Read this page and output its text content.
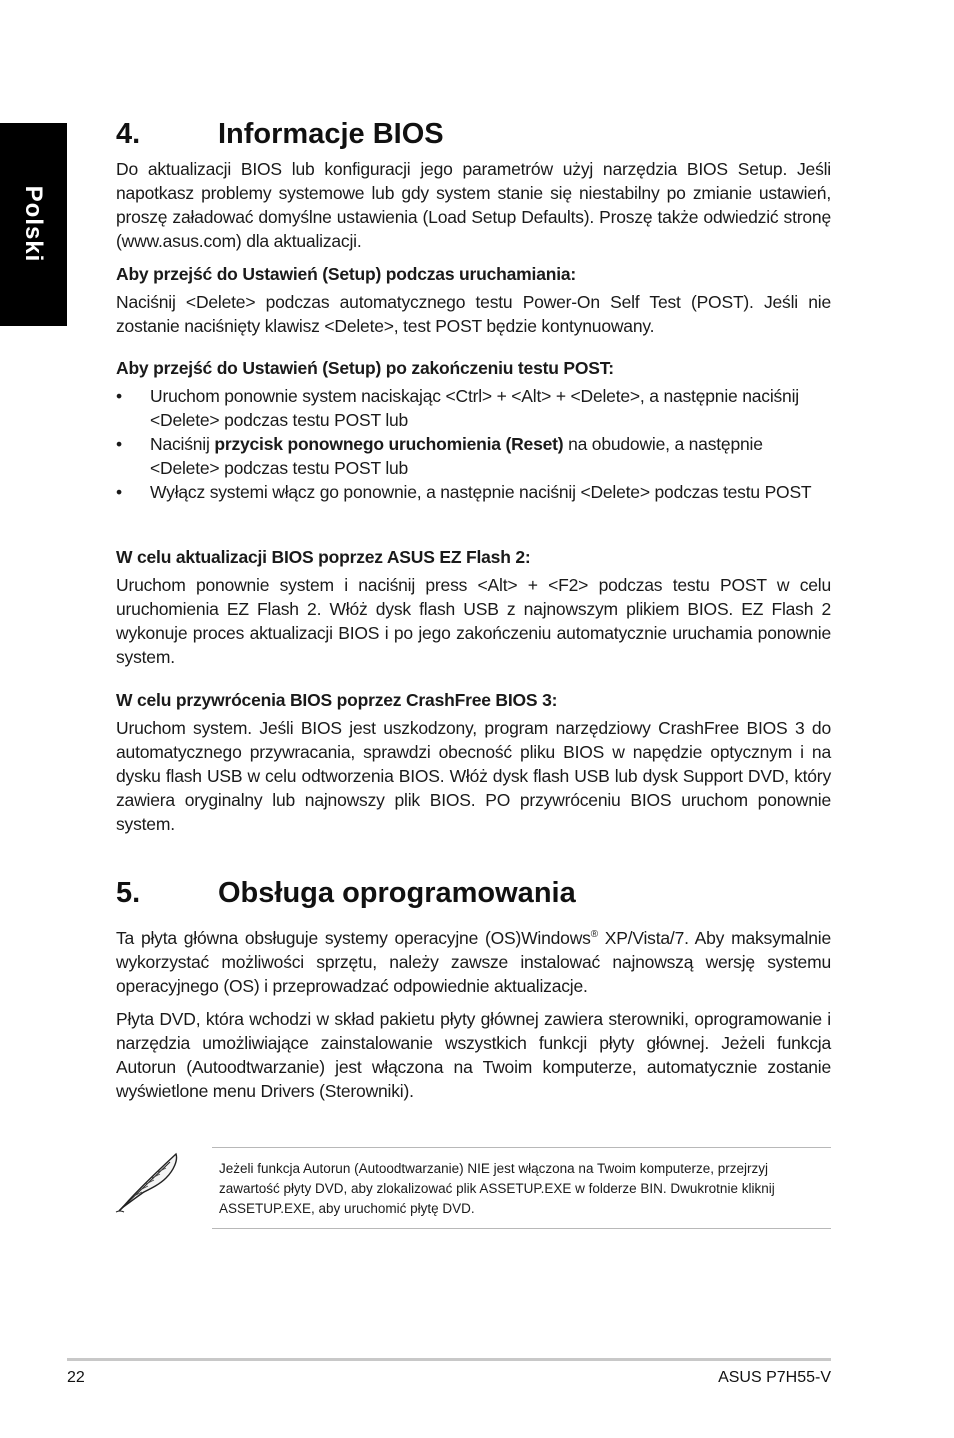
Polski
4.	Informacje BIOS

Do aktualizacji BIOS lub konfiguracji jego parametrów użyj narzędzia BIOS Setup. Jeśli napotkasz problemy systemowe lub gdy system stanie się niestabilny po zmianie ustawień, proszę załadować domyślne ustawienia (Load Setup Defaults). Proszę także odwiedzić stronę (www.asus.com) dla aktualizacji.

Aby przejść do Ustawień (Setup) podczas uruchamiania:

Naciśnij <Delete> podczas automatycznego testu Power-On Self Test (POST). Jeśli nie zostanie naciśnięty klawisz <Delete>, test POST będzie kontynuowany.

Aby przejść do Ustawień (Setup) po zakończeniu testu POST:

• Uruchom ponownie system naciskając <Ctrl> + <Alt> + <Delete>, a następnie naciśnij <Delete> podczas testu POST lub
• Naciśnij przycisk ponownego uruchomienia (Reset) na obudowie, a następnie <Delete> podczas testu POST lub
• Wyłącz systemi włącz go ponownie, a następnie naciśnij <Delete> podczas testu POST

W celu aktualizacji BIOS poprzez ASUS EZ Flash 2:

Uruchom ponownie system i naciśnij press <Alt> + <F2> podczas testu POST w celu uruchomienia EZ Flash 2. Włóż dysk flash USB z najnowszym plikiem BIOS. EZ Flash 2 wykonuje proces aktualizacji BIOS i po jego zakończeniu automatycznie uruchamia ponownie system.

W celu przywrócenia BIOS poprzez CrashFree BIOS 3:

Uruchom system. Jeśli BIOS jest uszkodzony, program narzędziowy CrashFree BIOS 3 do automatycznego przywracania, sprawdzi obecność pliku BIOS w napędzie optycznym i na dysku flash USB w celu odtworzenia BIOS. Włóż dysk flash USB lub dysk Support DVD, który zawiera oryginalny lub najnowszy plik BIOS. PO przywróceniu BIOS uruchom ponownie system.

5.	Obsługa oprogramowania

Ta płyta główna obsługuje systemy operacyjne (OS)Windows® XP/Vista/7. Aby maksymalnie wykorzystać możliwości sprzętu, należy zawsze instalować najnowszą wersję systemu operacyjnego (OS) i przeprowadzać odpowiednie aktualizacje.

Płyta DVD, która wchodzi w skład pakietu płyty głównej zawiera sterowniki, oprogramowanie i narzędzia umożliwiające zainstalowanie wszystkich funkcji płyty głównej. Jeżeli funkcja Autorun (Autoodtwarzanie) jest włączona na Twoim komputerze, automatycznie zostanie wyświetlone menu Drivers (Sterowniki).

Jeżeli funkcja Autorun (Autoodtwarzanie) NIE jest włączona na Twoim komputerze, przejrzyj zawartość płyty DVD, aby zlokalizować plik ASSETUP.EXE w folderze BIN. Dwukrotnie kliknij ASSETUP.EXE, aby uruchomić płytę DVD.

22	ASUS P7H55-V
